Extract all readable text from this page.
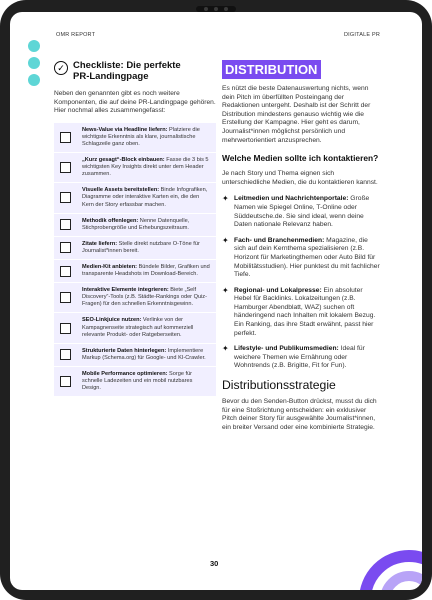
OMR REPORT	DIGITALE PR
✓ Checkliste: Die perfekte
PR-Landingpage
Neben den genannten gibt es noch weitere Komponenten, die auf deine PR-Landingpage gehören. Hier nochmal alles zusammengefasst:
News-Value via Headline liefern: Platziere die wichtigste Erkenntnis als klare, journalistische Schlagzeile ganz oben.
„Kurz gesagt“-Block einbauen: Fasse die 3 bis 5 wichtigsten Key Insights direkt unter dem Header zusammen.
Visuelle Assets bereitstellen: Binde Infografiken, Diagramme oder interaktive Karten ein, die den Kern der Story erfassbar machen.
Methodik offenlegen: Nenne Datenquelle, Stichprobengröße und Erhebungszeitraum.
Zitate liefern: Stelle direkt nutzbare O-Töne für Journalist*innen bereit.
Medien-Kit anbieten: Bündele Bilder, Grafiken und transparente Headshots im Download-Bereich.
Interaktive Elemente integrieren: Biete „Self Discovery“-Tools (z.B. Städte-Rankings oder Quiz-Fragen) für den schnellen Erkenntnisgewinn.
SEO-Linkjuice nutzen: Verlinke von der Kampagnenseite strategisch auf kommerziell relevante Produkt- oder Ratgeberseiten.
Strukturierte Daten hinterlegen: Implementiere Markup (Schema.org) für Google- und KI-Crawler.
Mobile Performance optimieren: Sorge für schnelle Ladezeiten und ein mobil nutzbares Design.
DISTRIBUTION

Es nützt die beste Datenauswertung nichts, wenn dein Pitch im überfüllten Posteingang der Redaktionen untergeht. Deshalb ist der Schritt der Distribution mindestens genauso wichtig wie die Erstellung der Kampagne. Hier geht es darum, Journalist*innen möglichst persönlich und mehrwertorientiert anzusprechen.

Welche Medien sollte ich kontaktieren?

Je nach Story und Thema eignen sich unterschiedliche Medien, die du kontaktieren kannst.

✦ Leitmedien und Nachrichtenportale: Große Namen wie Spiegel Online, T-Online oder Süddeutsche.de. Sie sind ideal, wenn deine Daten nationale Relevanz haben.
✦ Fach- und Branchenmedien: Magazine, die sich auf dein Kernthema spezialisieren (z.B. Horizont für Marketingthemen oder Auto Bild für Mobilitätsstudien). Hier punktest du mit fachlicher Tiefe.
✦ Regional- und Lokalpresse: Ein absoluter Hebel für Backlinks. Lokalzeitungen (z.B. Hamburger Abendblatt, WAZ) suchen oft händeringend nach Inhalten mit lokalem Bezug. Ein Ranking, das ihre Stadt erwähnt, passt hier perfekt.
✦ Lifestyle- und Publikumsmedien: Ideal für weichere Themen wie Ernährung oder Wohntrends (z.B. Brigitte, Fit for Fun).
Distributionsstrategie

Bevor du den Senden-Button drückst, musst du dich für eine Stoßrichtung entscheiden: ein exklusiver Pitch deiner Story für ausgewählte Journalist*innen, ein breiter Versand oder eine kombinierte Strategie.

30
